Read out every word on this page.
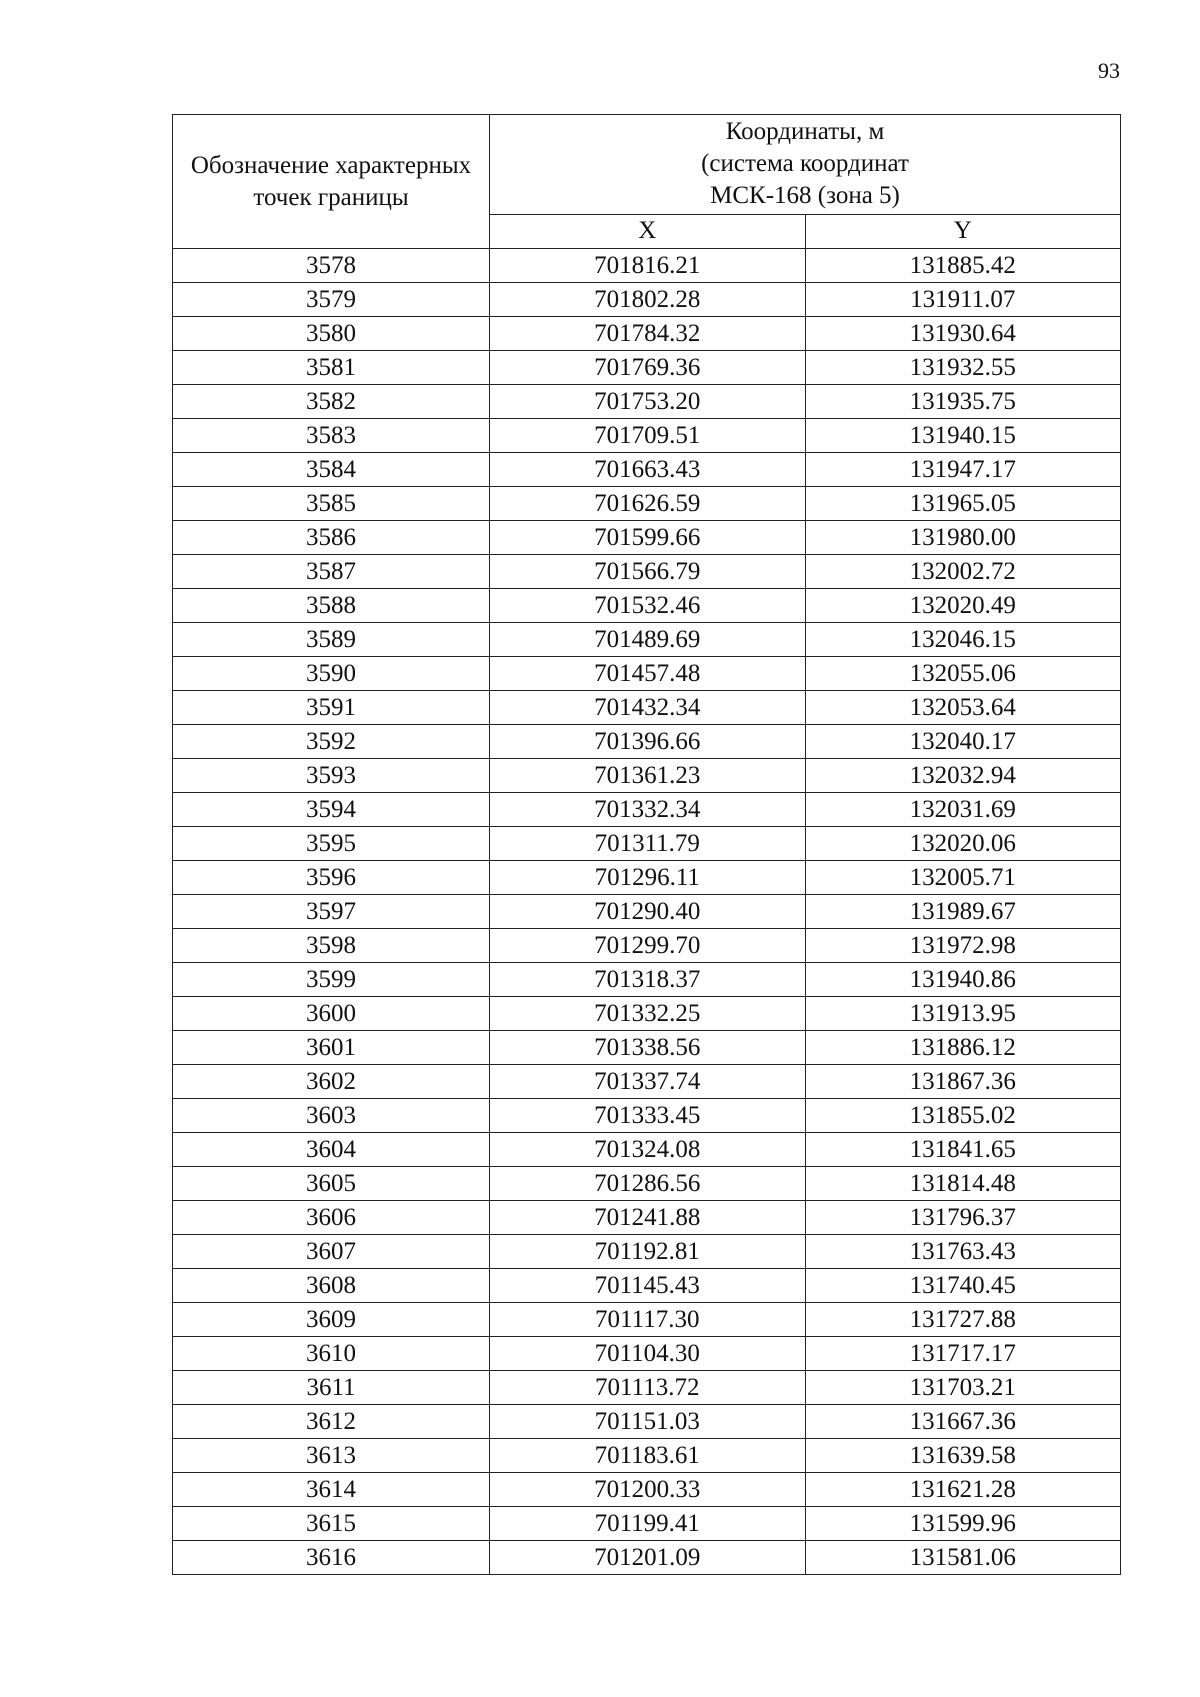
93
Обозначение характерных точек границы	Координаты, м
(система координат
МСК-168 (зона 5)	

	X	Y
3578	701816.21	131885.42
3579	701802.28	131911.07
3580	701784.32	131930.64
3581	701769.36	131932.55
3582	701753.20	131935.75
3583	701709.51	131940.15
3584	701663.43	131947.17
3585	701626.59	131965.05
3586	701599.66	131980.00
3587	701566.79	132002.72
3588	701532.46	132020.49
3589	701489.69	132046.15
3590	701457.48	132055.06
3591	701432.34	132053.64
3592	701396.66	132040.17
3593	701361.23	132032.94
3594	701332.34	132031.69
3595	701311.79	132020.06
3596	701296.11	132005.71
3597	701290.40	131989.67
3598	701299.70	131972.98
3599	701318.37	131940.86
3600	701332.25	131913.95
3601	701338.56	131886.12
3602	701337.74	131867.36
3603	701333.45	131855.02
3604	701324.08	131841.65
3605	701286.56	131814.48
3606	701241.88	131796.37
3607	701192.81	131763.43
3608	701145.43	131740.45
3609	701117.30	131727.88
3610	701104.30	131717.17
3611	701113.72	131703.21
3612	701151.03	131667.36
3613	701183.61	131639.58
3614	701200.33	131621.28
3615	701199.41	131599.96
3616	701201.09	131581.06
